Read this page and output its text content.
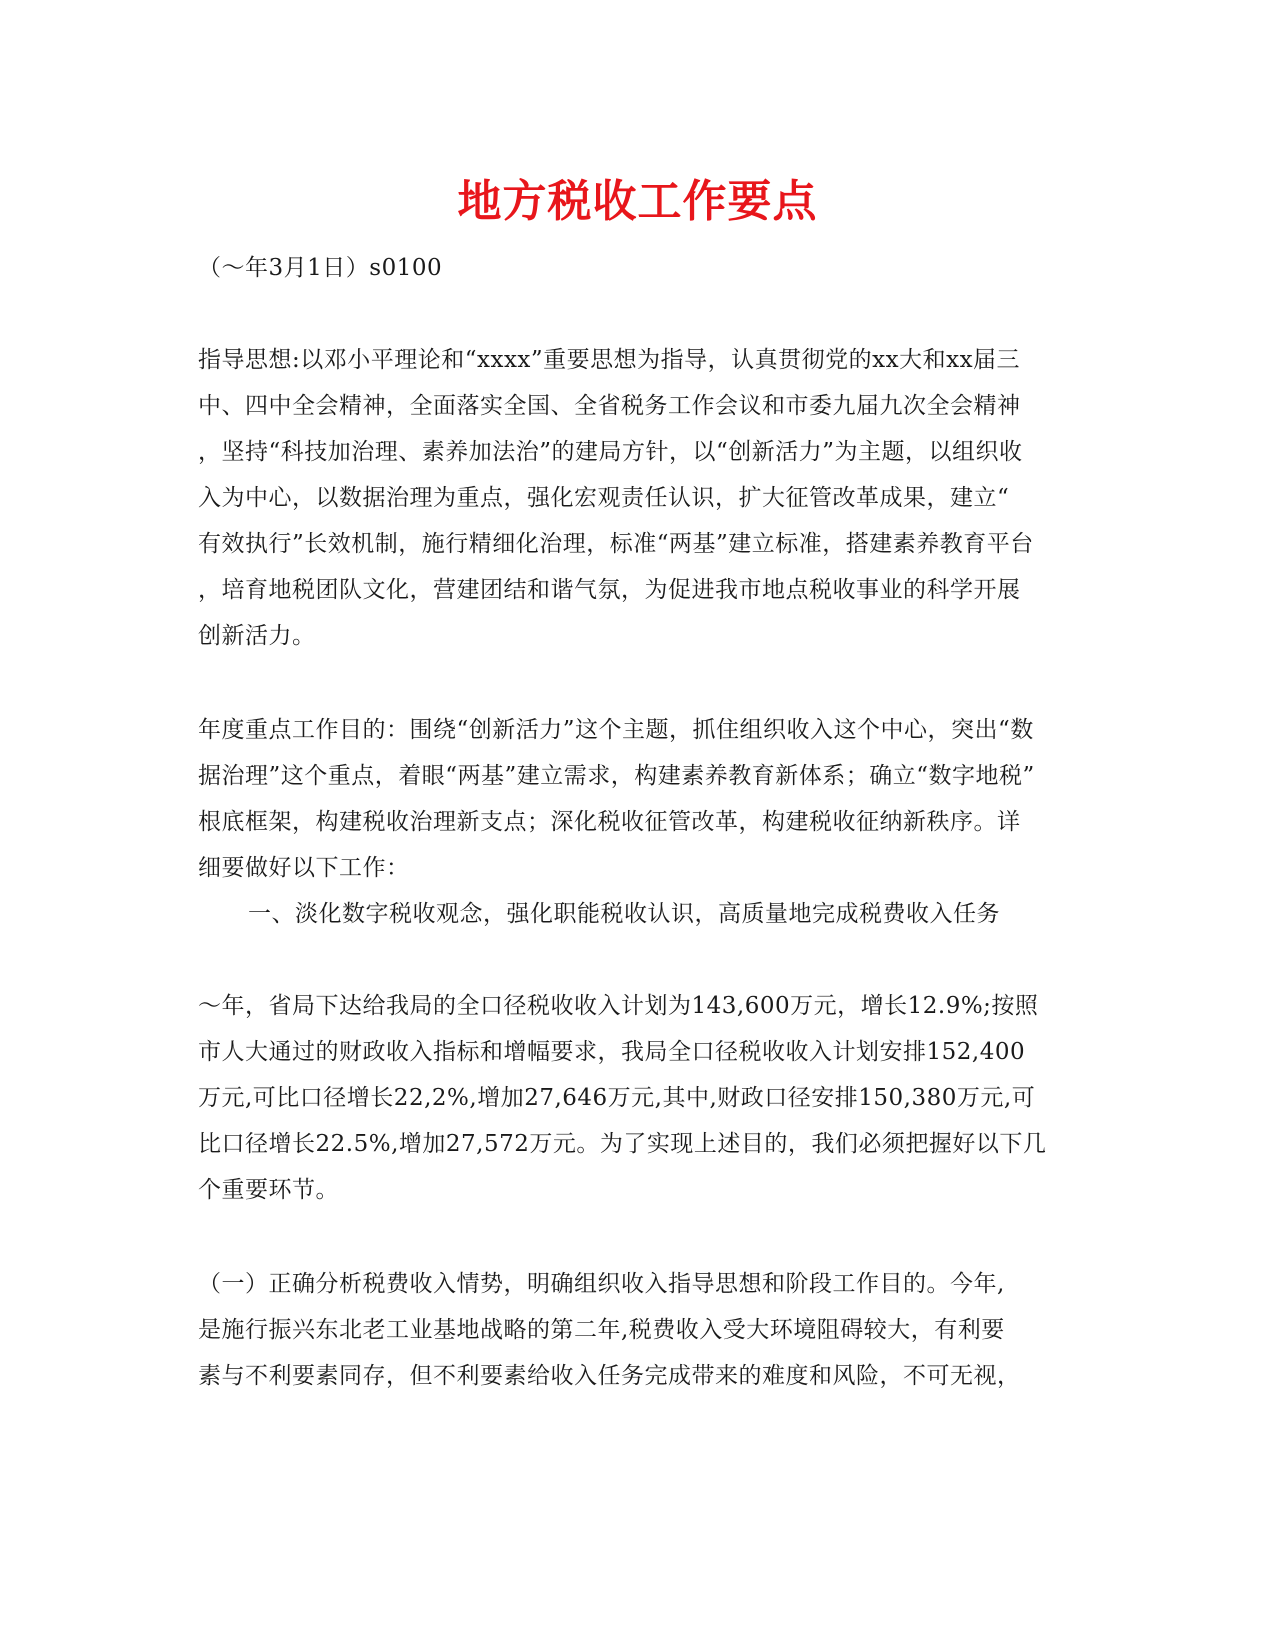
地方税收工作要点
（～年3月1日）s0100
指导思想:以邓小平理论和“xxxx”重要思想为指导，认真贯彻党的xx大和xx届三
中、四中全会精神，全面落实全国、全省税务工作会议和市委九届九次全会精神
，坚持“科技加治理、素养加法治”的建局方针，以“创新活力”为主题，以组织收
入为中心，以数据治理为重点，强化宏观责任认识，扩大征管改革成果，建立“
有效执行”长效机制，施行精细化治理，标准“两基”建立标准，搭建素养教育平台
，培育地税团队文化，营建团结和谐气氛，为促进我市地点税收事业的科学开展
创新活力。
年度重点工作目的：围绕“创新活力”这个主题，抓住组织收入这个中心，突出“数
据治理”这个重点，着眼“两基”建立需求，构建素养教育新体系；确立“数字地税”
根底框架，构建税收治理新支点；深化税收征管改革，构建税收征纳新秩序。详
细要做好以下工作：
一、淡化数字税收观念，强化职能税收认识，高质量地完成税费收入任务
～年，省局下达给我局的全口径税收收入计划为143,600万元，增长12.9%;按照
市人大通过的财政收入指标和增幅要求，我局全口径税收收入计划安排152,400
万元,可比口径增长22,2%,增加27,646万元,其中,财政口径安排150,380万元,可
比口径增长22.5%,增加27,572万元。为了实现上述目的，我们必须把握好以下几
个重要环节。
（一）正确分析税费收入情势，明确组织收入指导思想和阶段工作目的。今年,
是施行振兴东北老工业基地战略的第二年,税费收入受大环境阻碍较大，有利要
素与不利要素同存，但不利要素给收入任务完成带来的难度和风险，不可无视，
